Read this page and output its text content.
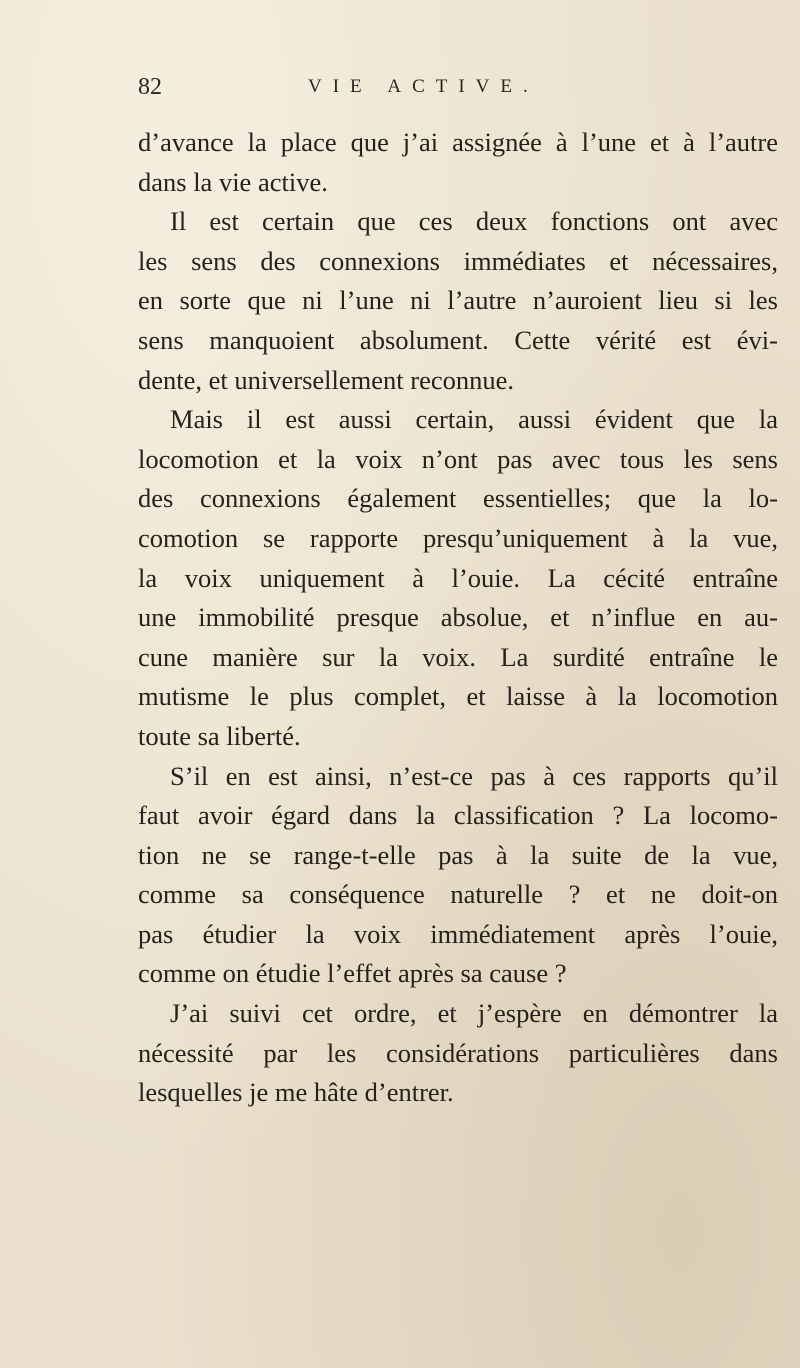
82	VIE ACTIVE.
d’avance la place que j’ai assignée à l’une et à l’autre
dans la vie active.
Il est certain que ces deux fonctions ont avec
les sens des connexions immédiates et nécessaires,
en sorte que ni l’une ni l’autre n’auroient lieu si les
sens manquoient absolument. Cette vérité est évi-
dente, et universellement reconnue.
Mais il est aussi certain, aussi évident que la
locomotion et la voix n’ont pas avec tous les sens
des connexions également essentielles; que la lo-
comotion se rapporte presqu’uniquement à la vue,
la voix uniquement à l’ouie. La cécité entraîne
une immobilité presque absolue, et n’influe en au-
cune manière sur la voix. La surdité entraîne le
mutisme le plus complet, et laisse à la locomotion
toute sa liberté.
S’il en est ainsi, n’est-ce pas à ces rapports qu’il
faut avoir égard dans la classification ? La locomo-
tion ne se range-t-elle pas à la suite de la vue,
comme sa conséquence naturelle ? et ne doit-on
pas étudier la voix immédiatement après l’ouie,
comme on étudie l’effet après sa cause ?
J’ai suivi cet ordre, et j’espère en démontrer la
nécessité par les considérations particulières dans
lesquelles je me hâte d’entrer.
